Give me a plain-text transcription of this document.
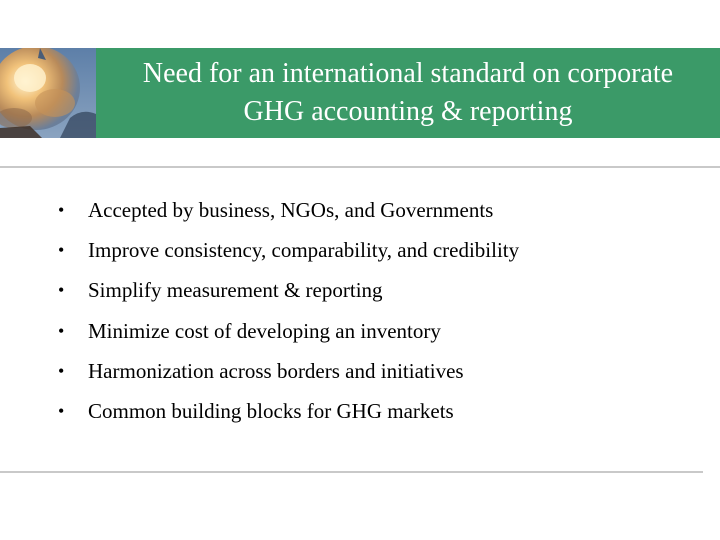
Need for an international standard on corporate
GHG accounting & reporting
•	Accepted by business, NGOs, and Governments
•	Improve consistency, comparability, and credibility
•	Simplify measurement & reporting
•	Minimize cost of developing an inventory
•	Harmonization across borders and initiatives
•	Common building blocks for GHG markets
